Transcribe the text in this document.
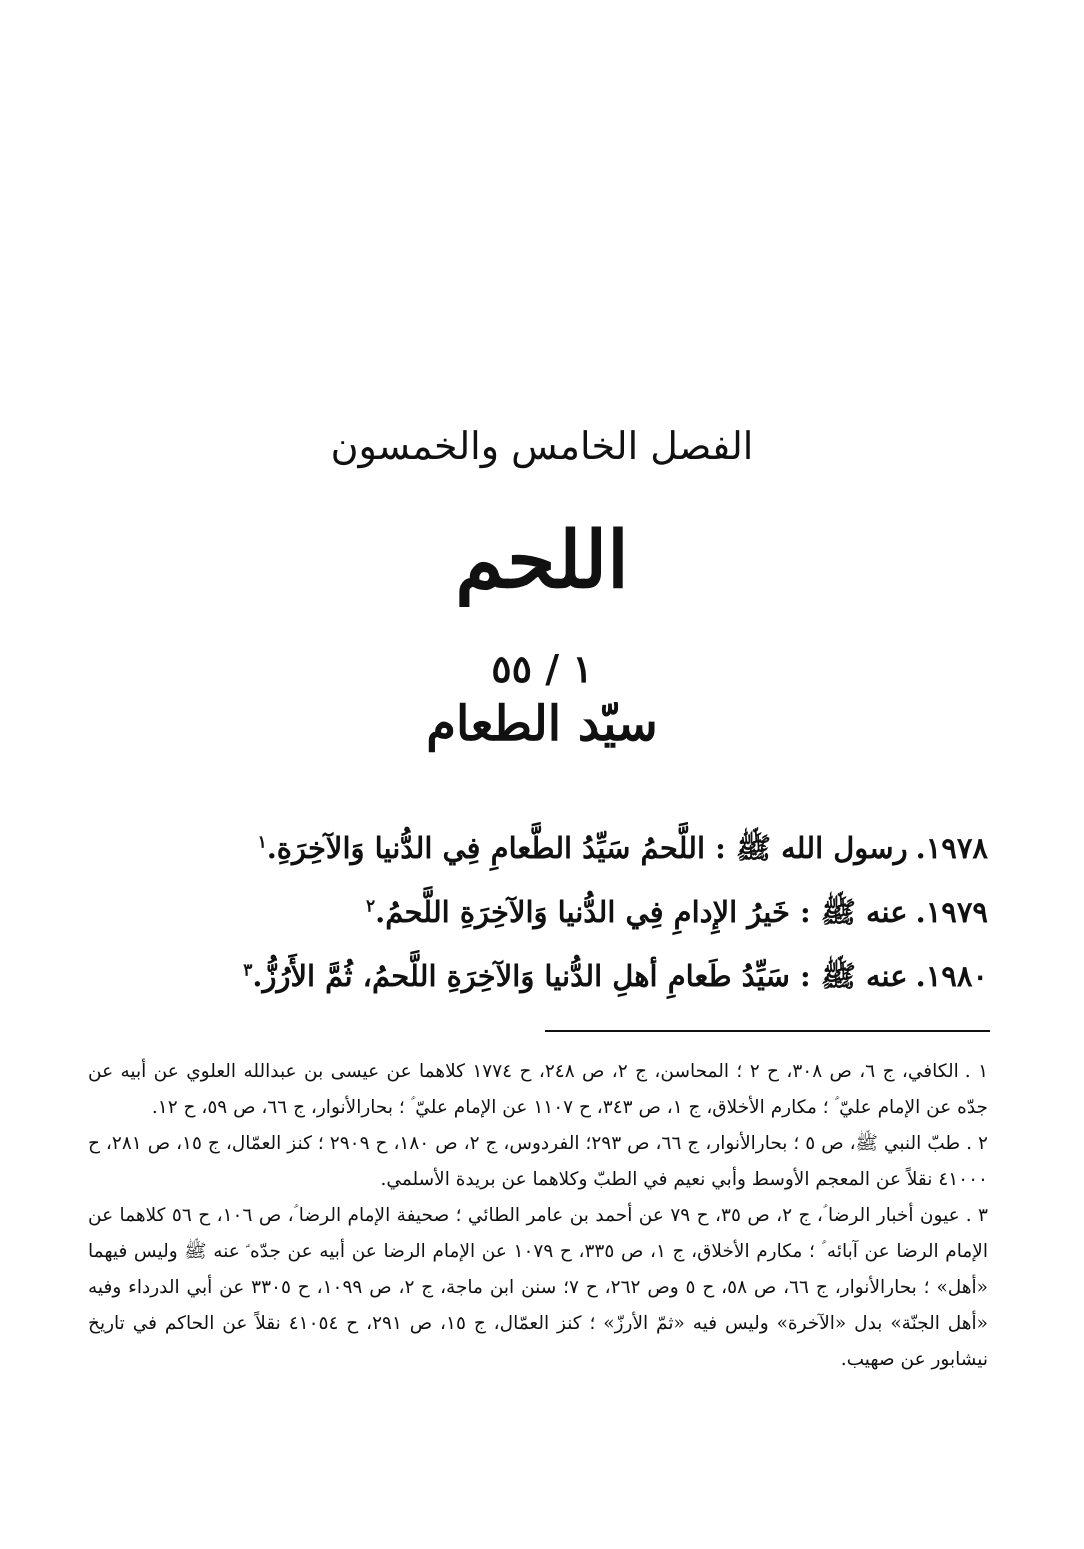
الفصل الخامس والخمسون
اللحم
١ / ٥٥
سيّد الطعام
١٩٧٨.رسول الله ﷺ : اللَّحمُ سَيِّدُ الطَّعامِ فِي الدُّنيا وَالآخِرَةِ.$^١$
١٩٧٩.عنه ﷺ : خَيرُ الإِدامِ فِي الدُّنيا وَالآخِرَةِ اللَّحمُ.$^٢$
١٩٨٠.عنه ﷺ : سَيِّدُ طَعامِ أهلِ الدُّنيا وَالآخِرَةِ اللَّحمُ، ثُمَّ الأَرُزُّ.$^٣$

١ .الكافي، ج ٦، ص ٣٠٨، ح ٢ ؛ المحاسن، ج ٢، ص ٢٤٨، ح ١٧٧٤ كلاهما عن عيسى بن عبدالله العلوي عن أبيه عن جدّه عن الإمام عليّ ؑ ؛ مكارم الأخلاق، ج ١، ص ٣٤٣، ح ١١٠٧ عن الإمام عليّ ؑ ؛ بحارالأنوار، ج ٦٦، ص ٥٩، ح ١٢.

٢ .طبّ النبي ﷺ، ص ٥ ؛ بحارالأنوار، ج ٦٦، ص ٢٩٣؛ الفردوس، ج ٢، ص ١٨٠، ح ٢٩٠٩ ؛ كنز العمّال، ج ١٥، ص ٢٨١، ح ٤١٠٠٠ نقلاً عن المعجم الأوسط وأبي نعيم في الطبّ وكلاهما عن بريدة الأسلمي.

٣ .عيون أخبار الرضا ؑ، ج ٢، ص ٣٥، ح ٧٩ عن أحمد بن عامر الطائي ؛ صحيفة الإمام الرضا ؑ، ص ١٠٦، ح ٥٦ كلاهما عن الإمام الرضا عن آبائه ؑ ؛ مكارم الأخلاق، ج ١، ص ٣٣٥، ح ١٠٧٩ عن الإمام الرضا عن أبيه عن جدّه ؑ عنه ﷺ وليس فيهما «أهل» ؛ بحارالأنوار، ج ٦٦، ص ٥٨، ح ٥ وص ٢٦٢، ح ٧؛ سنن ابن ماجة، ج ٢، ص ١٠٩٩، ح ٣٣٠٥ عن أبي الدرداء وفيه «أهل الجنّة» بدل «الآخرة» وليس فيه «ثمّ الأرزّ» ؛ كنز العمّال، ج ١٥، ص ٢٩١، ح ٤١٠٥٤ نقلاً عن الحاكم في تاريخ نيشابور عن صهيب.
